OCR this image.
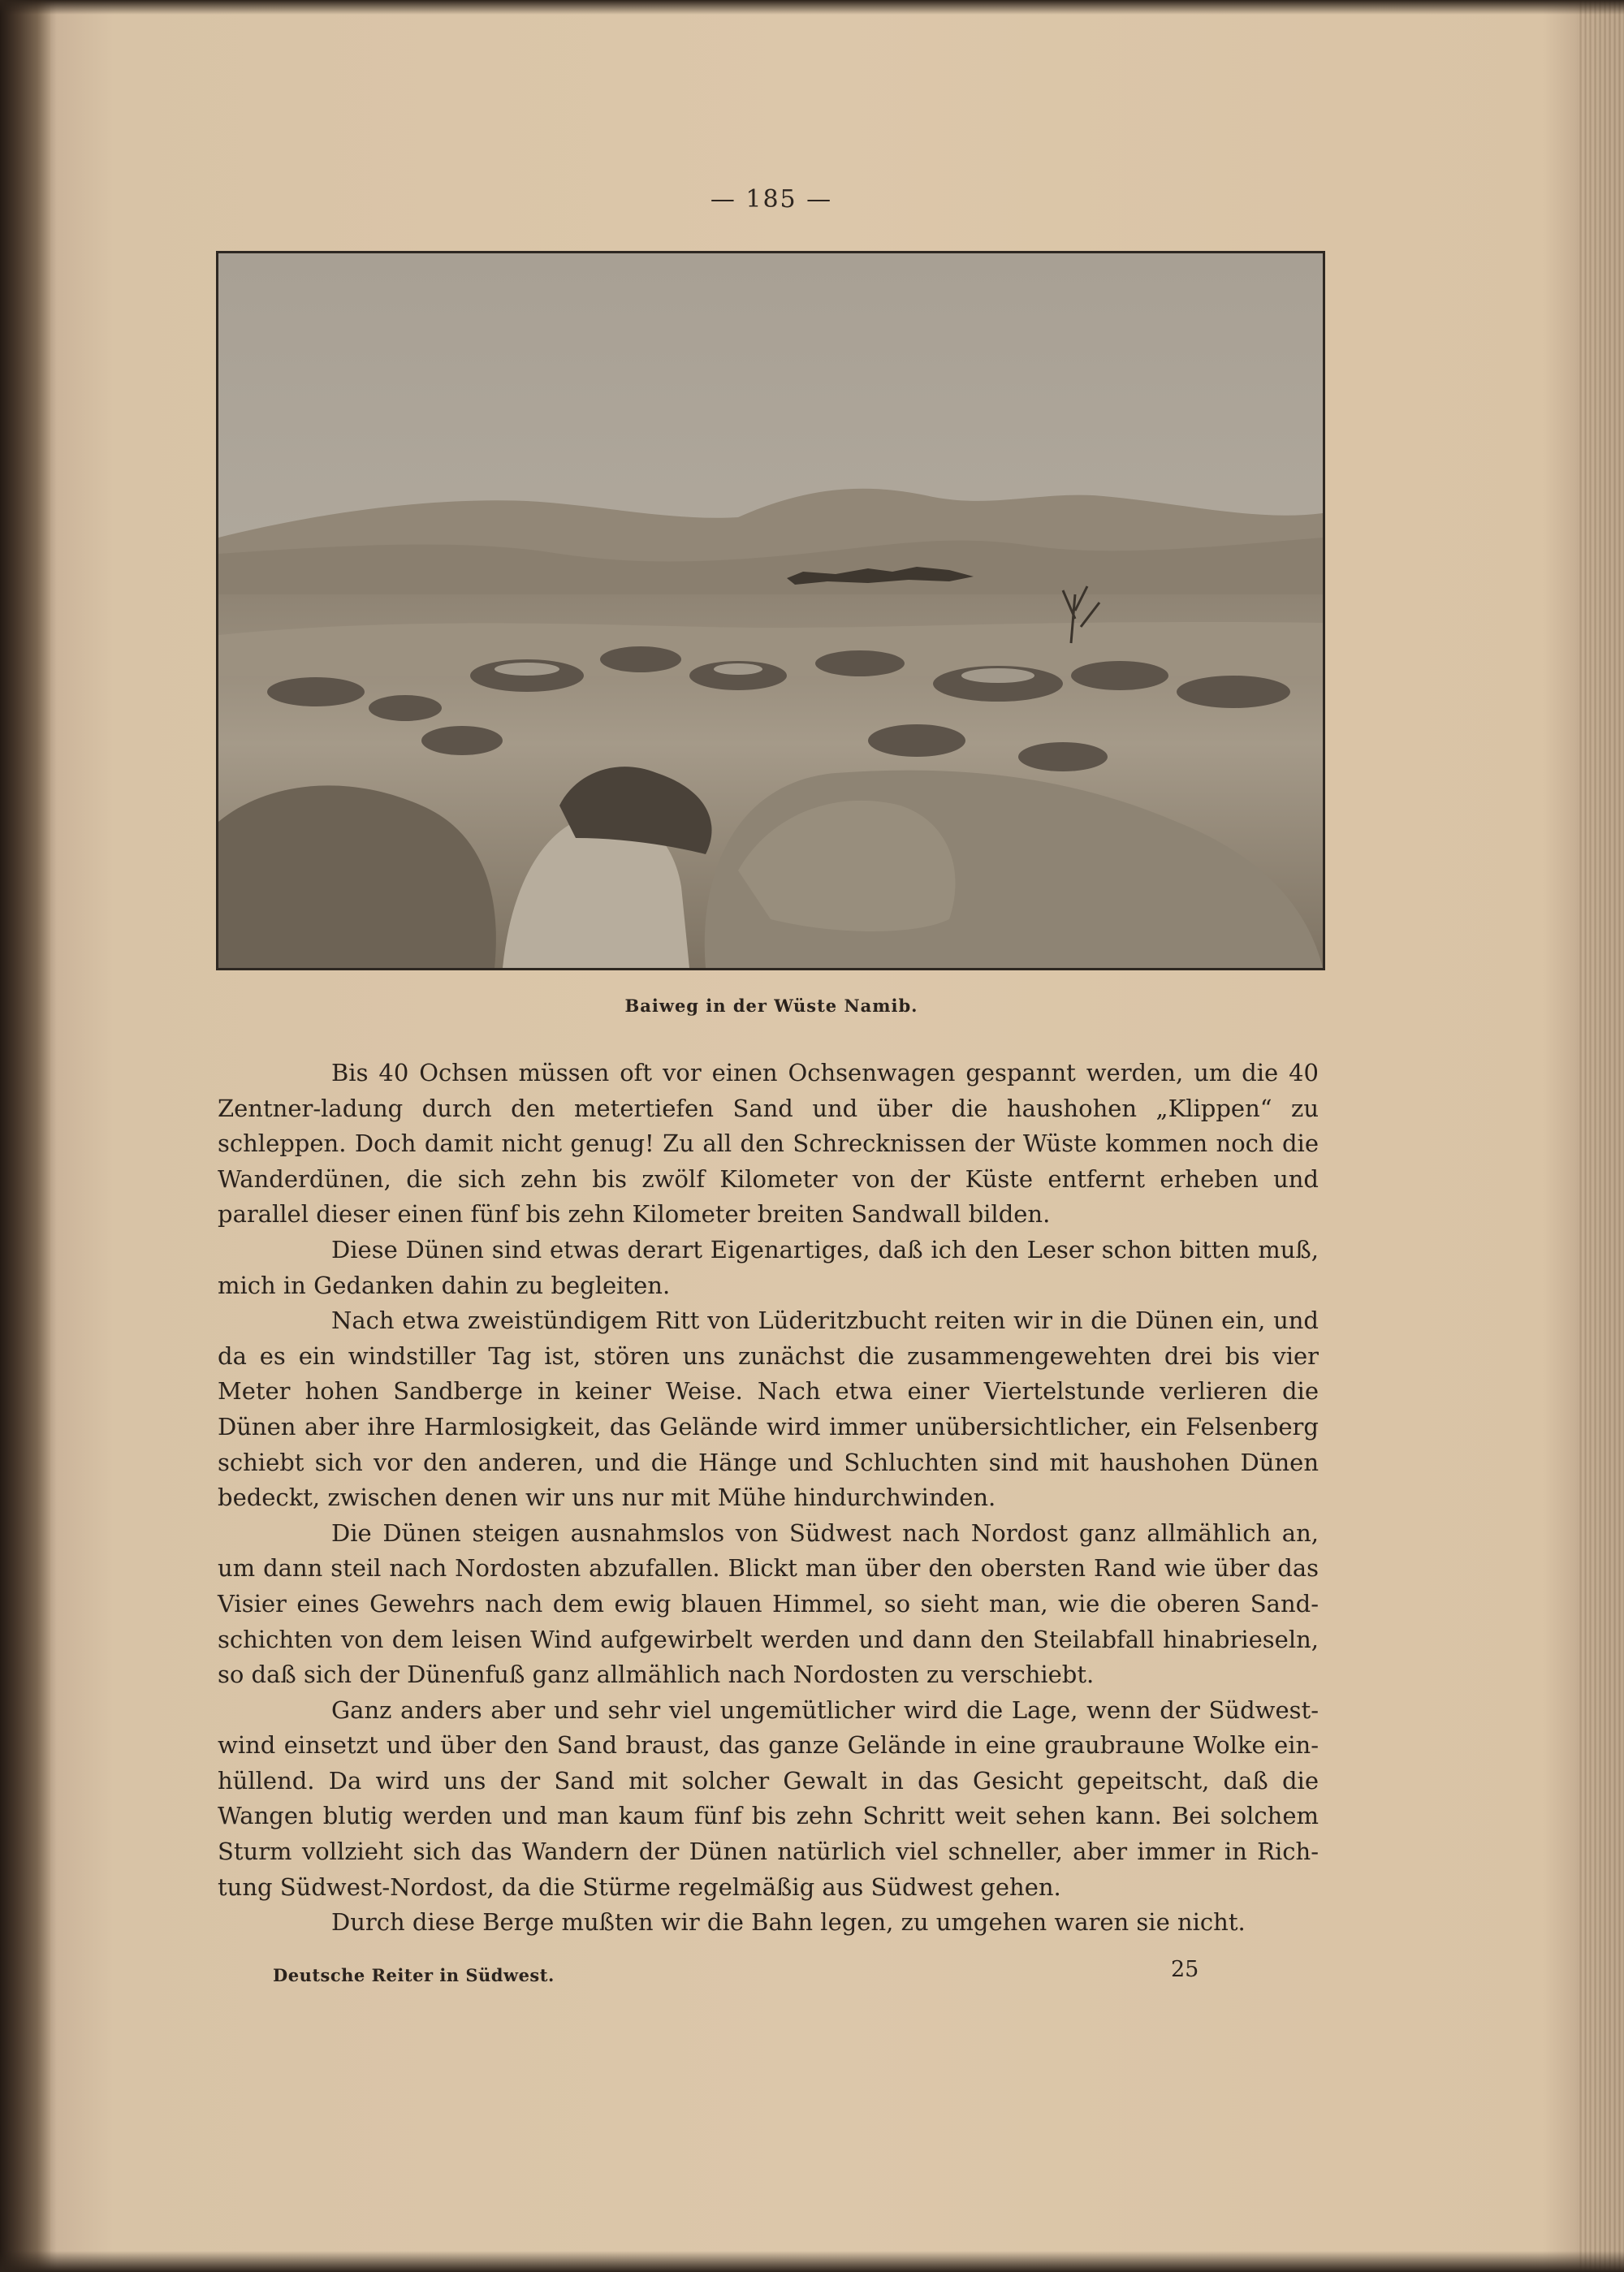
— 185 —
Baiweg in der Wüste Namib.

Bis 40 Ochsen müssen oft vor einen Ochsenwagen gespannt werden, um die 40 Zentner-ladung durch den metertiefen Sand und über die haushohen „Klippen“ zu schleppen. Doch damit nicht genug! Zu all den Schrecknissen der Wüste kommen noch die Wanderdünen, die sich zehn bis zwölf Kilometer von der Küste entfernt erheben und parallel dieser einen fünf bis zehn Kilometer breiten Sandwall bilden.

Diese Dünen sind etwas derart Eigenartiges, daß ich den Leser schon bitten muß, mich in Gedanken dahin zu begleiten.

Nach etwa zweistündigem Ritt von Lüderitzbucht reiten wir in die Dünen ein, und da es ein windstiller Tag ist, stören uns zunächst die zusammengewehten drei bis vier Meter hohen Sandberge in keiner Weise. Nach etwa einer Viertelstunde verlieren die Dünen aber ihre Harmlosigkeit, das Gelände wird immer unübersichtlicher, ein Felsenberg schiebt sich vor den anderen, und die Hänge und Schluchten sind mit haushohen Dünen bedeckt, zwischen denen wir uns nur mit Mühe hindurchwinden.

Die Dünen steigen ausnahmslos von Südwest nach Nordost ganz allmählich an, um dann steil nach Nordosten abzufallen. Blickt man über den obersten Rand wie über das Visier eines Gewehrs nach dem ewig blauen Himmel, so sieht man, wie die oberen Sand-schichten von dem leisen Wind aufgewirbelt werden und dann den Steilabfall hinabrieseln, so daß sich der Dünenfuß ganz allmählich nach Nordosten zu verschiebt.

Ganz anders aber und sehr viel ungemütlicher wird die Lage, wenn der Südwest-wind einsetzt und über den Sand braust, das ganze Gelände in eine graubraune Wolke ein-hüllend. Da wird uns der Sand mit solcher Gewalt in das Gesicht gepeitscht, daß die Wangen blutig werden und man kaum fünf bis zehn Schritt weit sehen kann. Bei solchem Sturm vollzieht sich das Wandern der Dünen natürlich viel schneller, aber immer in Rich-tung Südwest-Nordost, da die Stürme regelmäßig aus Südwest gehen.

Durch diese Berge mußten wir die Bahn legen, zu umgehen waren sie nicht.

Deutsche Reiter in Südwest.	25
